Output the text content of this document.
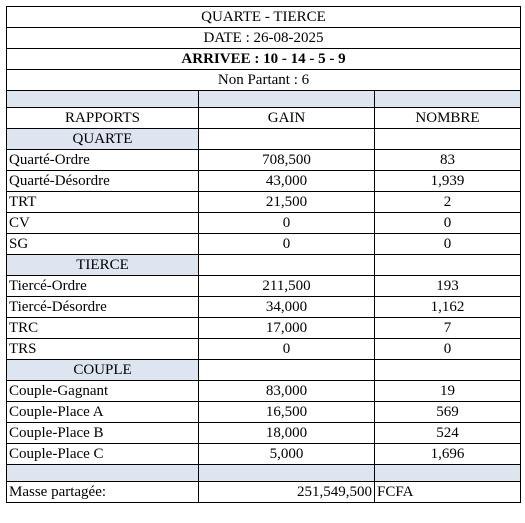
QUARTE - TIERCE		
DATE : 26-08-2025		
ARRIVEE : 10 - 14 - 5 - 9		
Non Partant : 6		

RAPPORTS	GAIN	NOMBRE
QUARTE		
Quarté-Ordre	708,500	83
Quarté-Désordre	43,000	1,939
TRT	21,500	2
CV	0	0
SG	0	0
TIERCE		
Tiercé-Ordre	211,500	193
Tiercé-Désordre	34,000	1,162
TRC	17,000	7
TRS	0	0
COUPLE		
Couple-Gagnant	83,000	19
Couple-Place A	16,500	569
Couple-Place B	18,000	524
Couple-Place C	5,000	1,696

Masse partagée:	251,549,500	FCFA
